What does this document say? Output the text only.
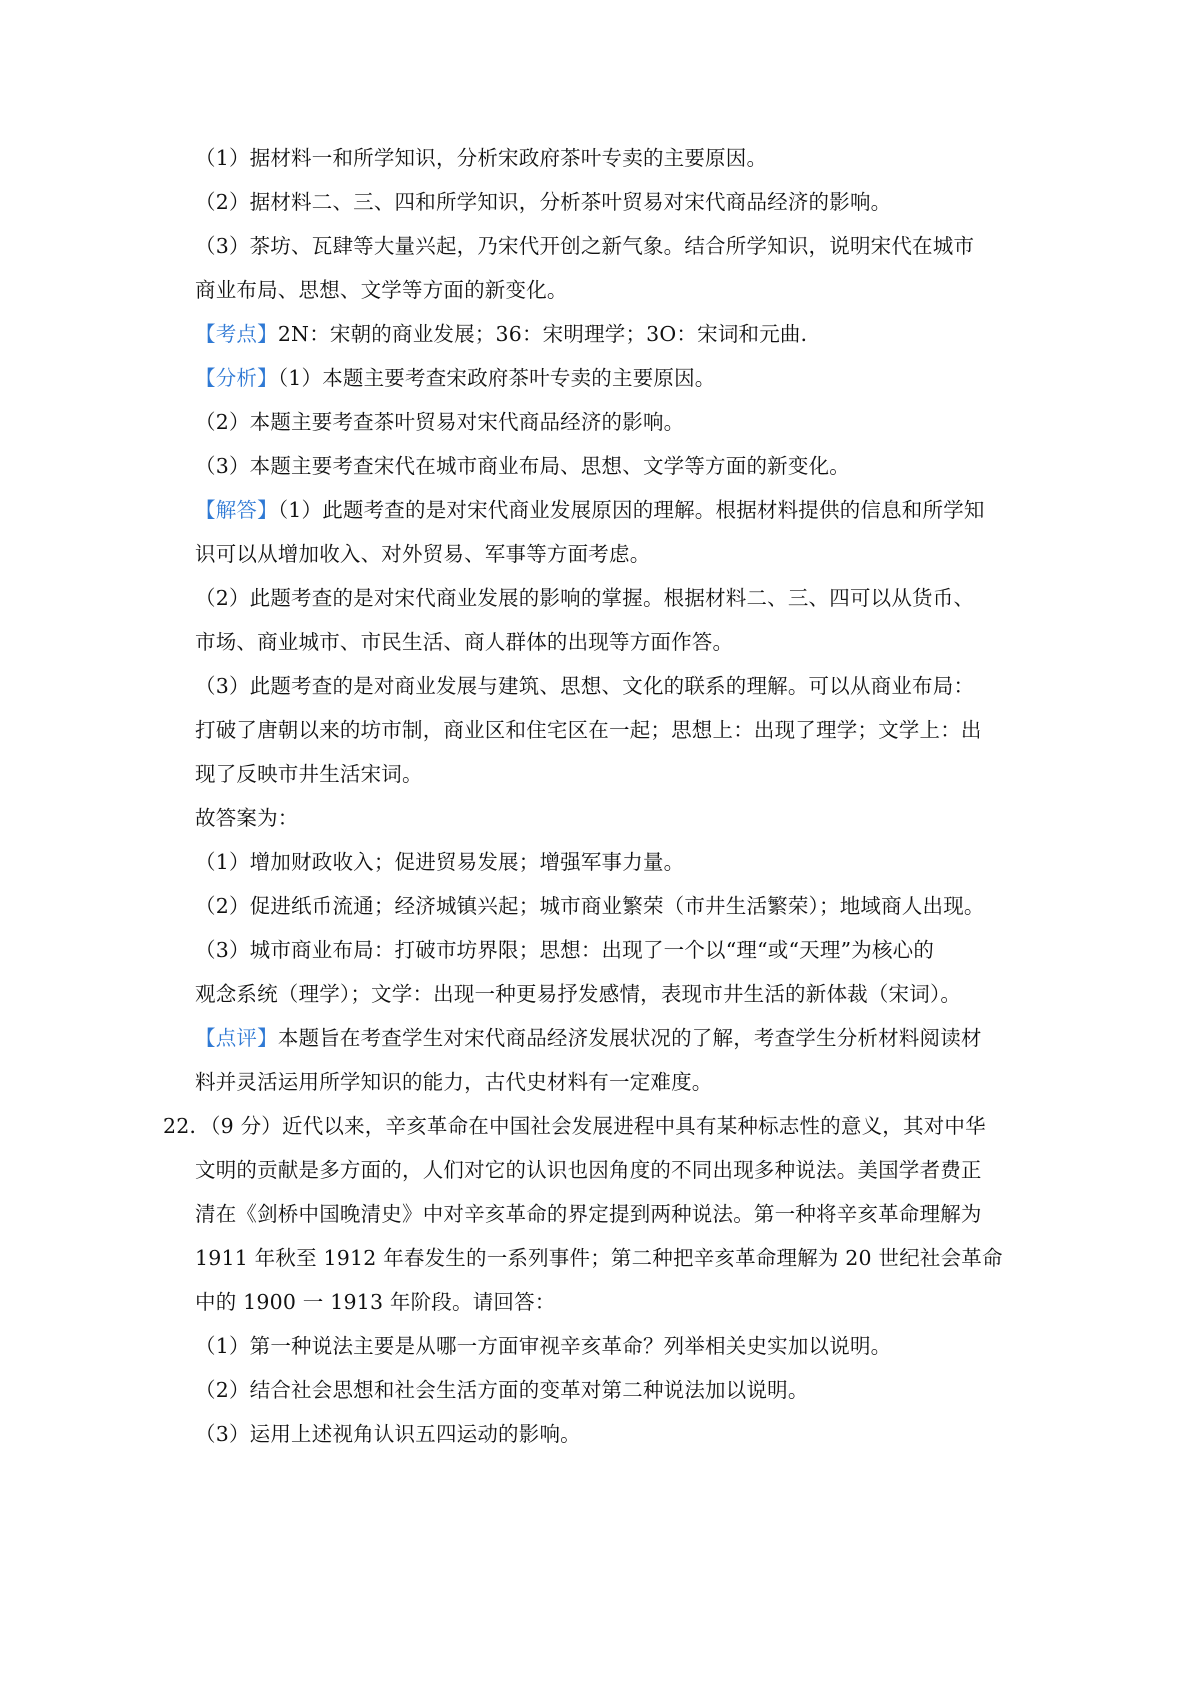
（1）据材料一和所学知识，分析宋政府茶叶专卖的主要原因。
（2）据材料二、三、四和所学知识，分析茶叶贸易对宋代商品经济的影响。
（3）茶坊、瓦肆等大量兴起，乃宋代开创之新气象。结合所学知识，说明宋代在城市
商业布局、思想、文学等方面的新变化。
【考点】2N：宋朝的商业发展；36：宋明理学；3O：宋词和元曲．
【分析】（1）本题主要考查宋政府茶叶专卖的主要原因。
（2）本题主要考查茶叶贸易对宋代商品经济的影响。
（3）本题主要考查宋代在城市商业布局、思想、文学等方面的新变化。
【解答】（1）此题考查的是对宋代商业发展原因的理解。根据材料提供的信息和所学知
识可以从增加收入、对外贸易、军事等方面考虑。
（2）此题考查的是对宋代商业发展的影响的掌握。根据材料二、三、四可以从货币、
市场、商业城市、市民生活、商人群体的出现等方面作答。
（3）此题考查的是对商业发展与建筑、思想、文化的联系的理解。可以从商业布局：
打破了唐朝以来的坊市制，商业区和住宅区在一起；思想上：出现了理学；文学上：出
现了反映市井生活宋词。
故答案为：
（1）增加财政收入；促进贸易发展；增强军事力量。
（2）促进纸币流通；经济城镇兴起；城市商业繁荣（市井生活繁荣）；地域商人出现。
（3）城市商业布局：打破市坊界限；思想：出现了一个以“理“或“天理”为核心的
观念系统（理学）；文学：出现一种更易抒发感情，表现市井生活的新体裁（宋词）。
【点评】本题旨在考查学生对宋代商品经济发展状况的了解，考查学生分析材料阅读材
料并灵活运用所学知识的能力，古代史材料有一定难度。
22．（9 分）近代以来，辛亥革命在中国社会发展进程中具有某种标志性的意义，其对中华
文明的贡献是多方面的，人们对它的认识也因角度的不同出现多种说法。美国学者费正
清在《剑桥中国晚清史》中对辛亥革命的界定提到两种说法。第一种将辛亥革命理解为
1911 年秋至 1912 年春发生的一系列事件；第二种把辛亥革命理解为 20 世纪社会革命
中的 1900 一 1913 年阶段。请回答：
（1）第一种说法主要是从哪一方面审视辛亥革命？列举相关史实加以说明。
（2）结合社会思想和社会生活方面的变革对第二种说法加以说明。
（3）运用上述视角认识五四运动的影响。
